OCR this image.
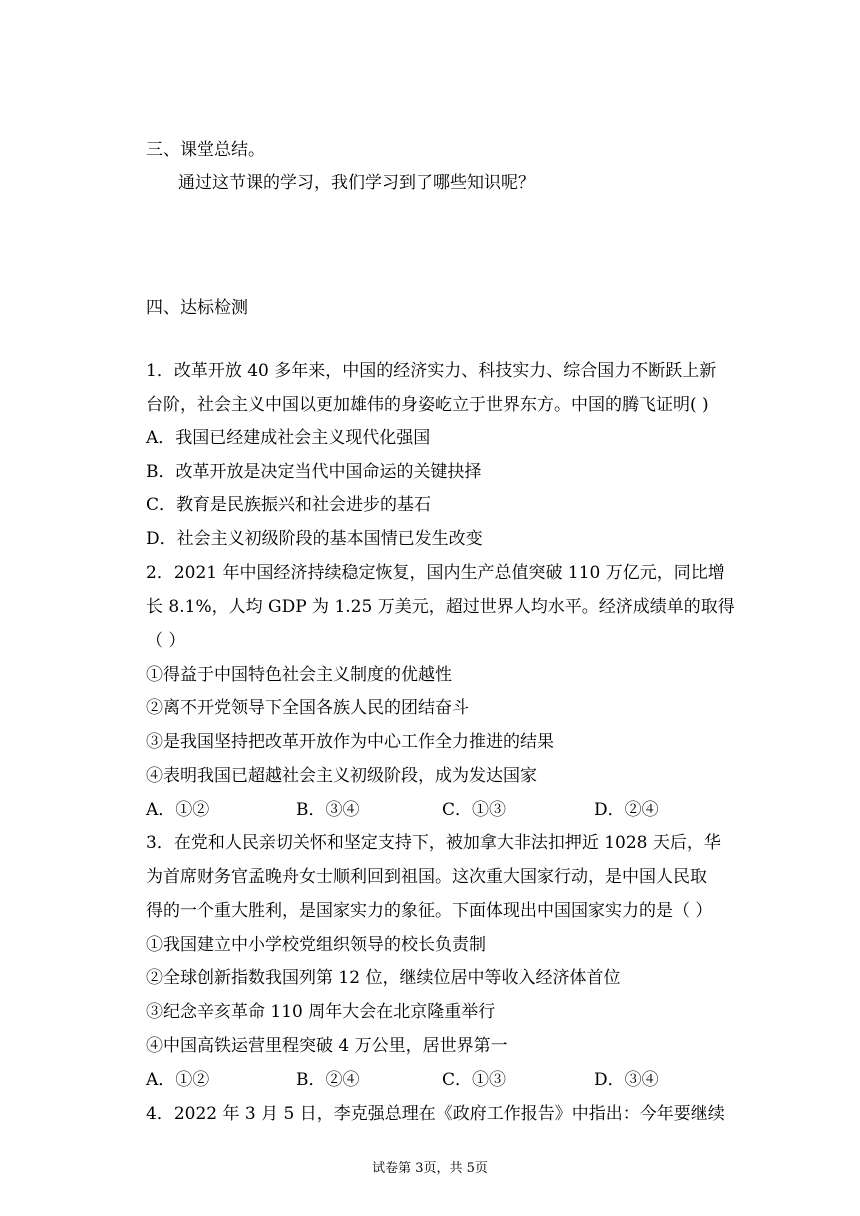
三、课堂总结。
通过这节课的学习，我们学习到了哪些知识呢？
四、达标检测
1．改革开放 40 多年来，中国的经济实力、科技实力、综合国力不断跃上新
台阶，社会主义中国以更加雄伟的身姿屹立于世界东方。中国的腾飞证明( )
A．我国已经建成社会主义现代化强国
B．改革开放是决定当代中国命运的关键抉择
C．教育是民族振兴和社会进步的基石
D．社会主义初级阶段的基本国情已发生改变
2．2021 年中国经济持续稳定恢复，国内生产总值突破 110 万亿元，同比增
长 8.1%，人均 GDP 为 1.25 万美元，超过世界人均水平。经济成绩单的取得
（ ）
①得益于中国特色社会主义制度的优越性
②离不开党领导下全国各族人民的团结奋斗
③是我国坚持把改革开放作为中心工作全力推进的结果
④表明我国已超越社会主义初级阶段，成为发达国家
A．①②	B．③④	C．①③	D．②④
3．在党和人民亲切关怀和坚定支持下，被加拿大非法扣押近 1028 天后，华
为首席财务官孟晚舟女士顺利回到祖国。这次重大国家行动，是中国人民取
得的一个重大胜利，是国家实力的象征。下面体现出中国国家实力的是（ ）
①我国建立中小学校党组织领导的校长负责制
②全球创新指数我国列第 12 位，继续位居中等收入经济体首位
③纪念辛亥革命 110 周年大会在北京隆重举行
④中国高铁运营里程突破 4 万公里，居世界第一
A．①②	B．②④	C．①③	D．③④
4．2022 年 3 月 5 日，李克强总理在《政府工作报告》中指出：今年要继续
试卷第 3页，共 5页
